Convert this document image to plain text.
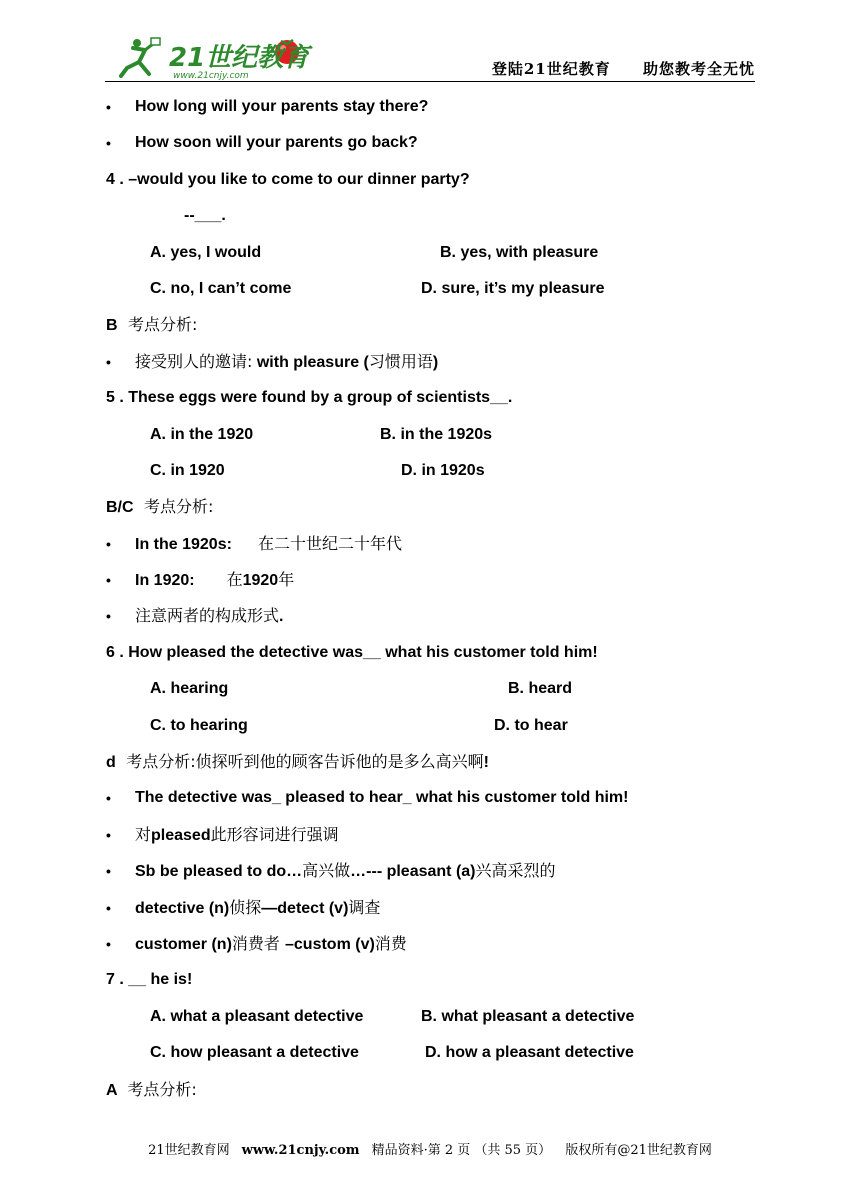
21世纪教育
www.21cnjy.com	登陆21世纪教育 助您教考全无忧
• How long will your parents stay there?
• How soon will your parents go back?
4 . –would you like to come to our dinner party?
--___.
A. yes, I would	B. yes, with pleasure
C. no, I can’t come	D. sure, it’s my pleasure
B 考点分析:
• 接受别人的邀请: with pleasure (习惯用语)
5 . These eggs were found by a group of scientists__.
A. in the 1920	B. in the 1920s
C. in 1920	D. in 1920s
B/C 考点分析:
• In the 1920s: 在二十世纪二十年代
• In 1920: 在1920年
• 注意两者的构成形式.
6 . How pleased the detective was__ what his customer told him!
A. hearing	B. heard
C. to hearing	D. to hear
d 考点分析:侦探听到他的顾客告诉他的是多么高兴啊!
• The detective was_ pleased to hear_ what his customer told him!
• 对pleased此形容词进行强调
• Sb be pleased to do…高兴做…--- pleasant (a)兴高采烈的
• detective (n)侦探—detect (v)调查
• customer (n)消费者 –custom (v)消费
7 . __ he is!
A. what a pleasant detective	B. what pleasant a detective
C. how pleasant a detective	D. how a pleasant detective
A 考点分析:
21世纪教育网 www.21cnjy.com 精品资料·第 2 页 （共 55 页） 版权所有@21世纪教育网
